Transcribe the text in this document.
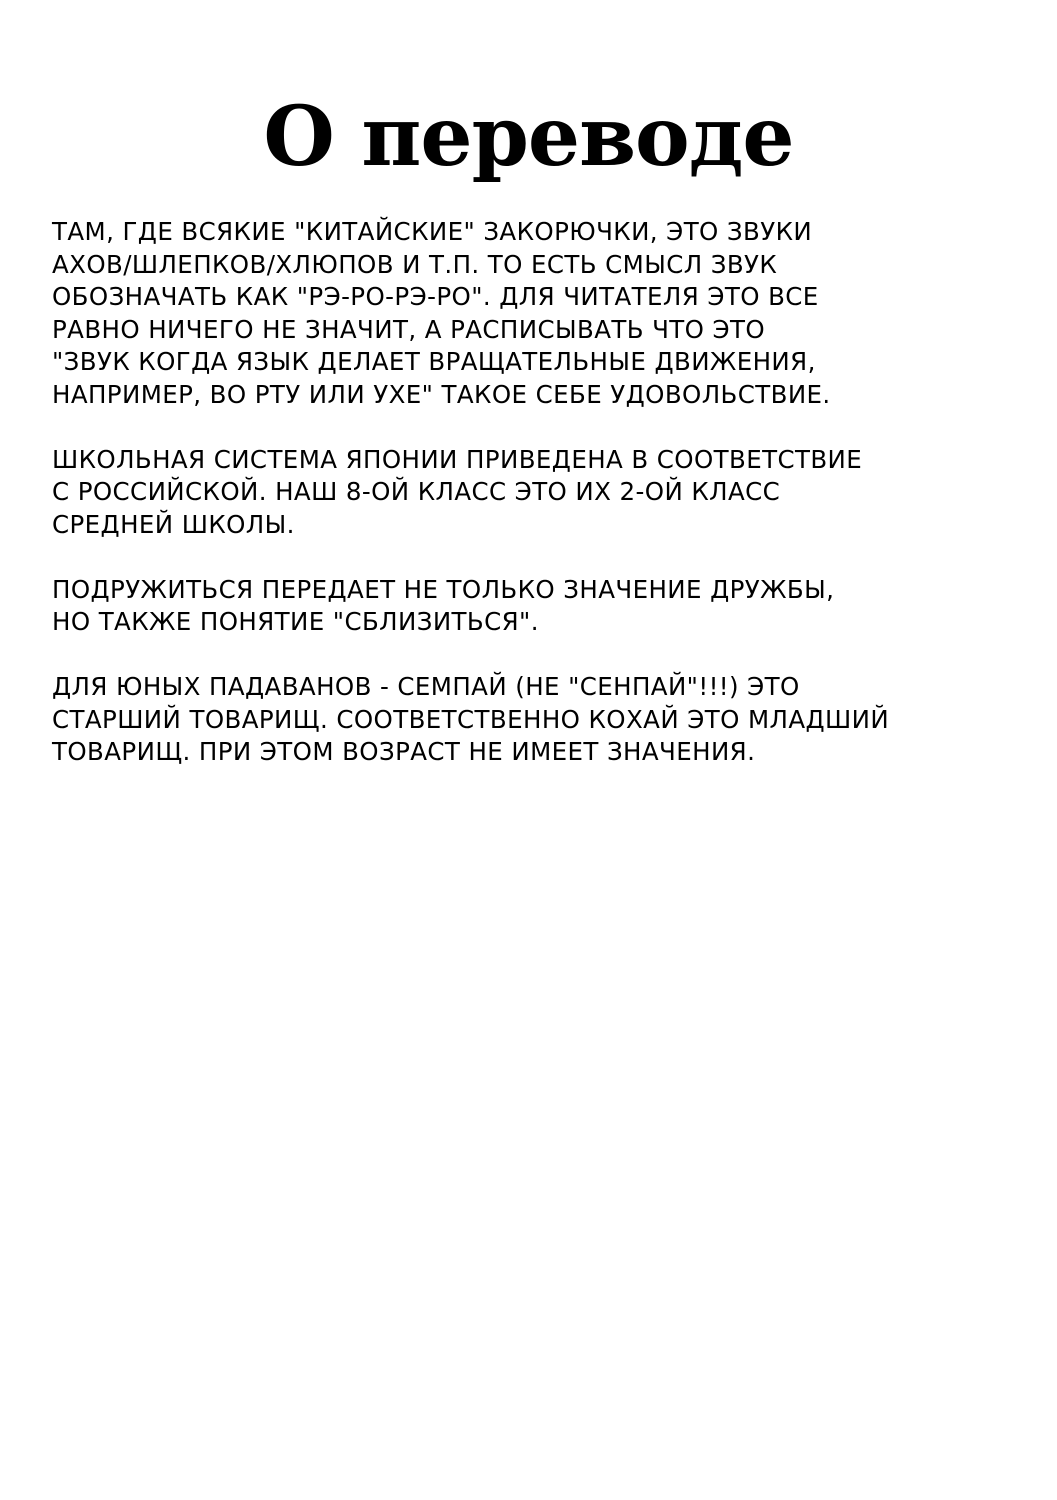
О переводе
ТАМ, ГДЕ ВСЯКИЕ "КИТАЙСКИЕ" ЗАКОРЮЧКИ, ЭТО ЗВУКИ
АХОВ/ШЛЕПКОВ/ХЛЮПОВ И Т.П. ТО ЕСТЬ СМЫСЛ ЗВУК
ОБОЗНАЧАТЬ КАК "РЭ-РО-РЭ-РО". ДЛЯ ЧИТАТЕЛЯ ЭТО ВСЕ
РАВНО НИЧЕГО НЕ ЗНАЧИТ, А РАСПИСЫВАТЬ ЧТО ЭТО
"ЗВУК КОГДА ЯЗЫК ДЕЛАЕТ ВРАЩАТЕЛЬНЫЕ ДВИЖЕНИЯ,
НАПРИМЕР, ВО РТУ ИЛИ УХЕ" ТАКОЕ СЕБЕ УДОВОЛЬСТВИЕ.
ШКОЛЬНАЯ СИСТЕМА ЯПОНИИ ПРИВЕДЕНА В СООТВЕТСТВИЕ
С РОССИЙСКОЙ. НАШ 8-ОЙ КЛАСС ЭТО ИХ 2-ОЙ КЛАСС
СРЕДНЕЙ ШКОЛЫ.
ПОДРУЖИТЬСЯ ПЕРЕДАЕТ НЕ ТОЛЬКО ЗНАЧЕНИЕ ДРУЖБЫ,
НО ТАКЖЕ ПОНЯТИЕ "СБЛИЗИТЬСЯ".
ДЛЯ ЮНЫХ ПАДАВАНОВ - СЕМПАЙ (НЕ "СЕНПАЙ"!!!) ЭТО
СТАРШИЙ ТОВАРИЩ. СООТВЕТСТВЕННО КОХАЙ ЭТО МЛАДШИЙ
ТОВАРИЩ. ПРИ ЭТОМ ВОЗРАСТ НЕ ИМЕЕТ ЗНАЧЕНИЯ.
